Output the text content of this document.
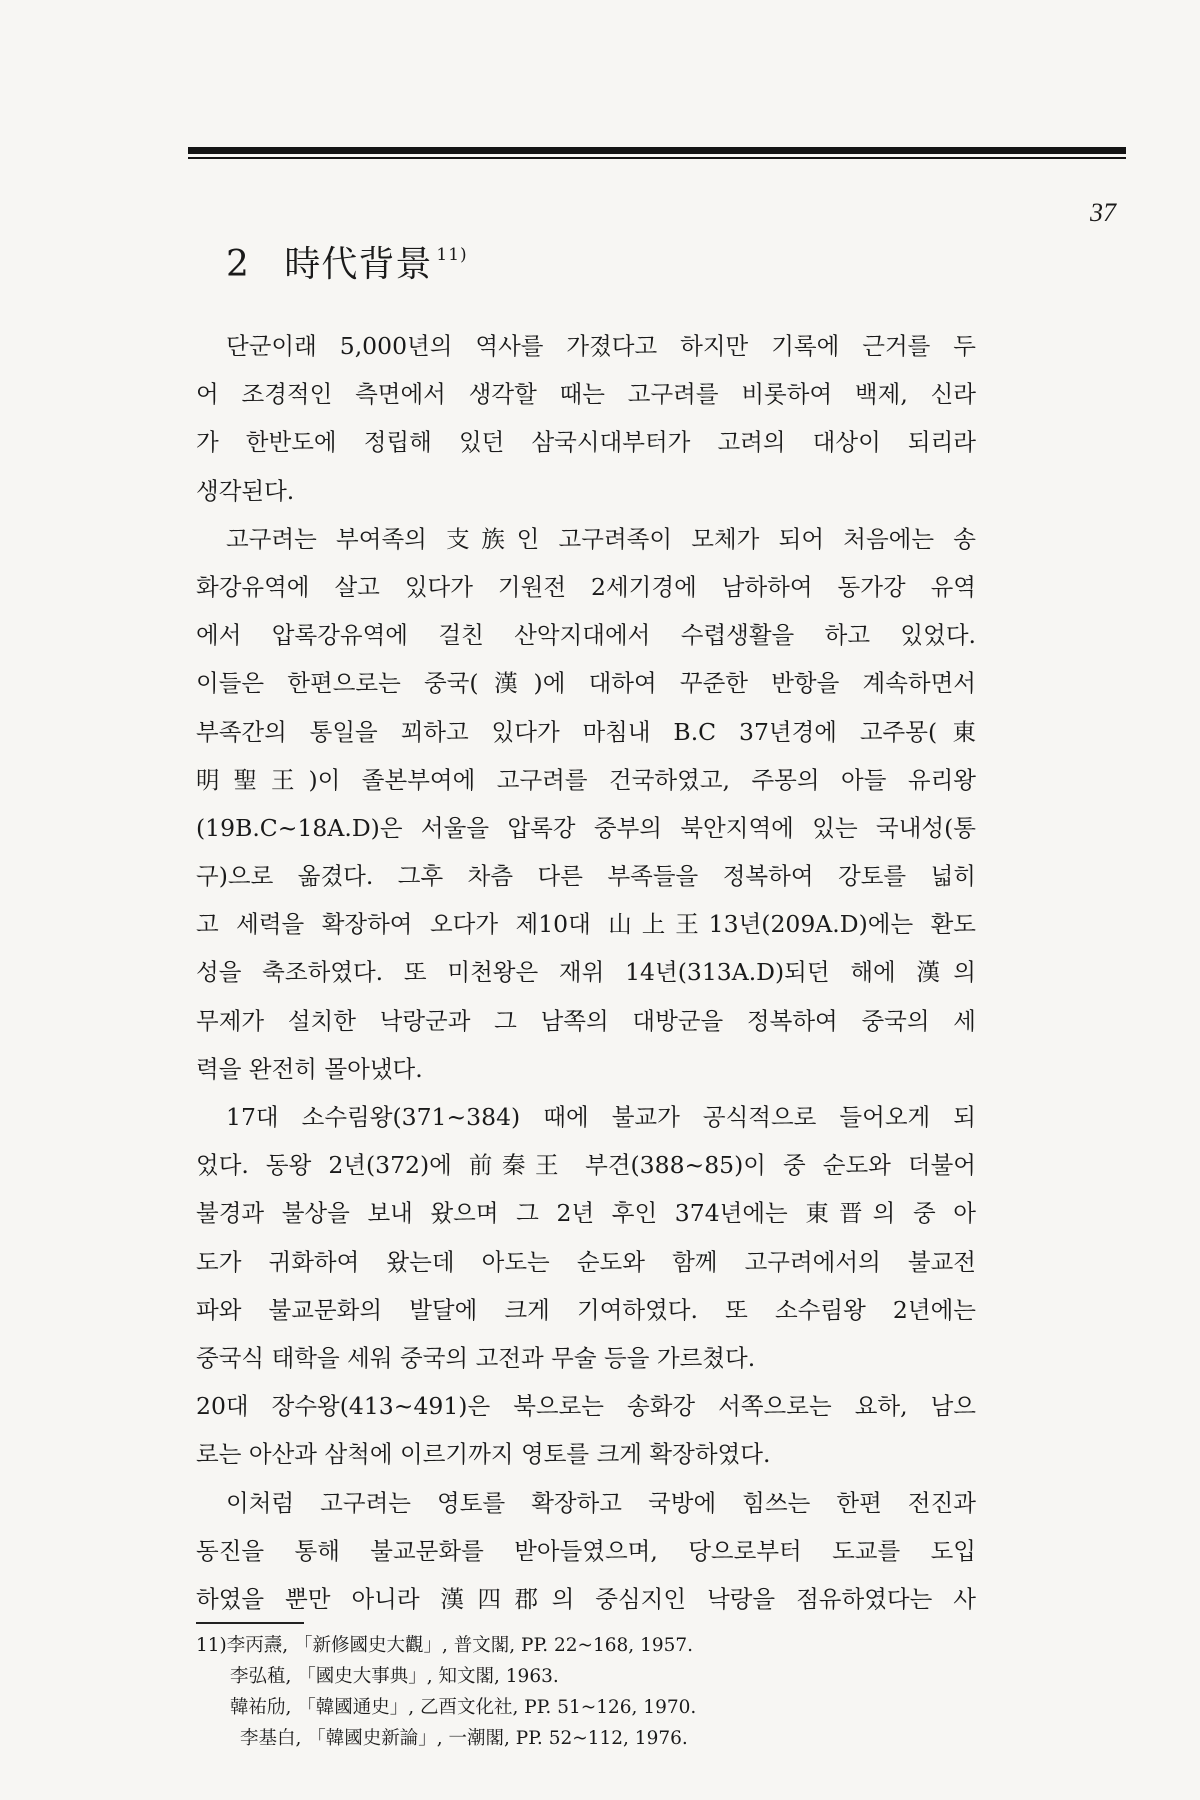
37
2 時代背景 $^{11)}$
단군이래 5,000년의 역사를 가졌다고 하지만 기록에 근거를 두
어 조경적인 측면에서 생각할 때는 고구려를 비롯하여 백제, 신라
가 한반도에 정립해 있던 삼국시대부터가 고려의 대상이 되리라
생각된다.
고구려는 부여족의 支族인 고구려족이 모체가 되어 처음에는 송
화강유역에 살고 있다가 기원전 2세기경에 남하하여 동가강 유역
에서 압록강유역에 걸친 산악지대에서 수렵생활을 하고 있었다.
이들은 한편으로는 중국(漢)에 대하여 꾸준한 반항을 계속하면서
부족간의 통일을 꾀하고 있다가 마침내 B.C 37년경에 고주몽(東
明聖王)이 졸본부여에 고구려를 건국하였고, 주몽의 아들 유리왕
(19B.C~18A.D)은 서울을 압록강 중부의 북안지역에 있는 국내성(통
구)으로 옮겼다. 그후 차츰 다른 부족들을 정복하여 강토를 넓히
고 세력을 확장하여 오다가 제10대 山上王13년(209A.D)에는 환도
성을 축조하였다. 또 미천왕은 재위 14년(313A.D)되던 해에 漢의
무제가 설치한 낙랑군과 그 남쪽의 대방군을 정복하여 중국의 세
력을 완전히 몰아냈다.
17대 소수림왕(371~384) 때에 불교가 공식적으로 들어오게 되
었다. 동왕 2년(372)에 前秦王 부견(388~85)이 중 순도와 더불어
불경과 불상을 보내 왔으며 그 2년 후인 374년에는 東晋의 중 아
도가 귀화하여 왔는데 아도는 순도와 함께 고구려에서의 불교전
파와 불교문화의 발달에 크게 기여하였다. 또 소수림왕 2년에는
중국식 태학을 세워 중국의 고전과 무술 등을 가르쳤다.
20대 장수왕(413~491)은 북으로는 송화강 서쪽으로는 요하, 남으
로는 아산과 삼척에 이르기까지 영토를 크게 확장하였다.
이처럼 고구려는 영토를 확장하고 국방에 힘쓰는 한편 전진과
동진을 통해 불교문화를 받아들였으며, 당으로부터 도교를 도입
하였을 뿐만 아니라 漢四郡의 중심지인 낙랑을 점유하였다는 사
11)李丙燾, 「新修國史大觀」, 普文閣, PP. 22~168, 1957.
李弘稙, 「國史大事典」, 知文閣, 1963.
韓祐劤, 「韓國通史」, 乙酉文化社, PP. 51~126, 1970.
李基白, 「韓國史新論」, 一潮閣, PP. 52~112, 1976.
